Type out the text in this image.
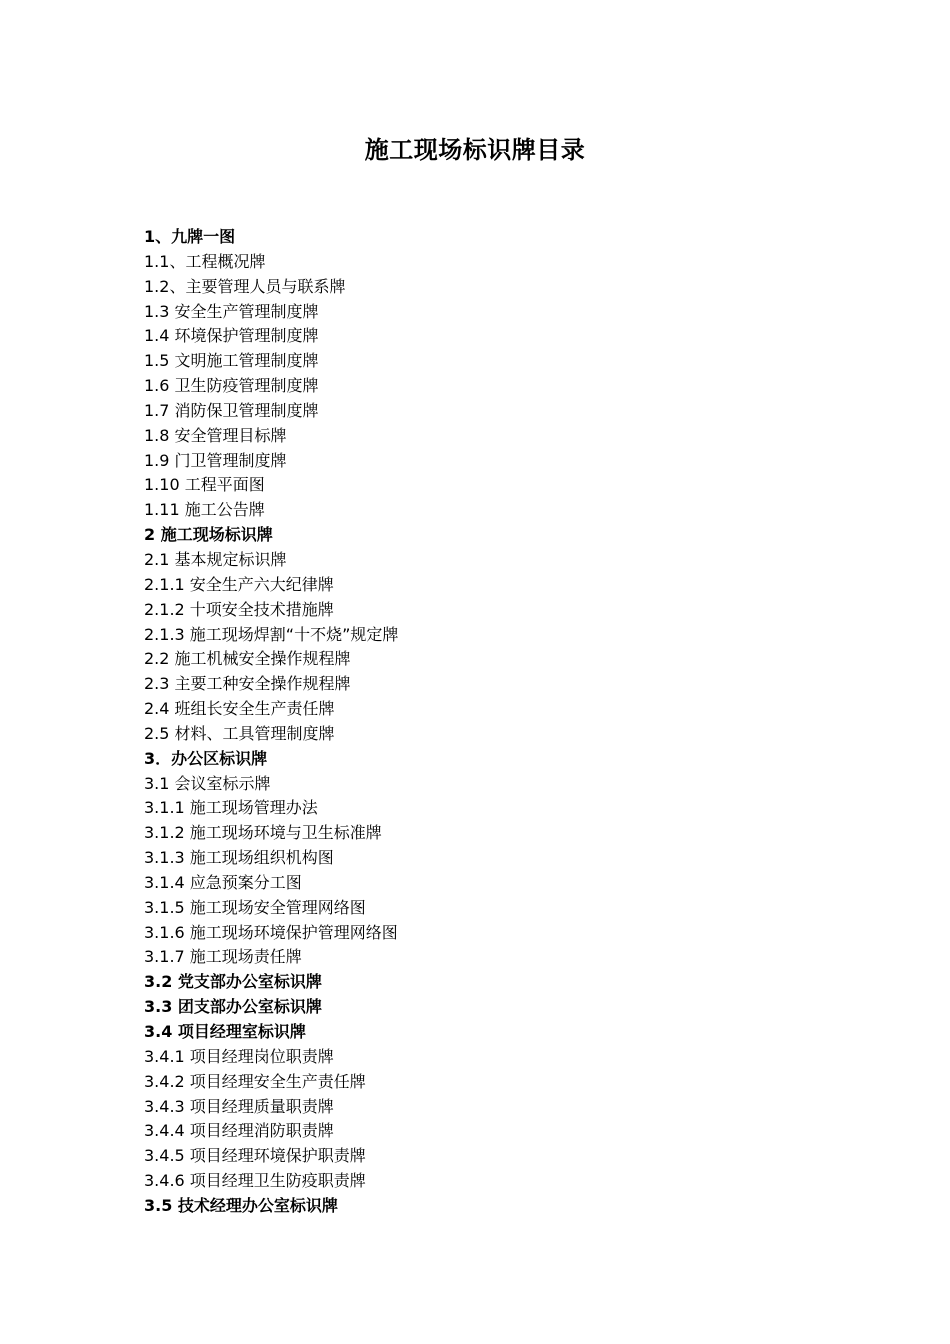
施工现场标识牌目录
1、九牌一图
1.1、工程概况牌
1.2、主要管理人员与联系牌
1.3 安全生产管理制度牌
1.4 环境保护管理制度牌
1.5 文明施工管理制度牌
1.6 卫生防疫管理制度牌
1.7 消防保卫管理制度牌
1.8 安全管理目标牌
1.9 门卫管理制度牌
1.10 工程平面图
1.11 施工公告牌
2 施工现场标识牌
2.1 基本规定标识牌
2.1.1 安全生产六大纪律牌
2.1.2 十项安全技术措施牌
2.1.3 施工现场焊割“十不烧”规定牌
2.2 施工机械安全操作规程牌
2.3 主要工种安全操作规程牌
2.4 班组长安全生产责任牌
2.5 材料、工具管理制度牌
3．办公区标识牌
3.1 会议室标示牌
3.1.1 施工现场管理办法
3.1.2 施工现场环境与卫生标准牌
3.1.3 施工现场组织机构图
3.1.4 应急预案分工图
3.1.5 施工现场安全管理网络图
3.1.6 施工现场环境保护管理网络图
3.1.7 施工现场责任牌
3.2 党支部办公室标识牌
3.3 团支部办公室标识牌
3.4 项目经理室标识牌
3.4.1 项目经理岗位职责牌
3.4.2 项目经理安全生产责任牌
3.4.3 项目经理质量职责牌
3.4.4 项目经理消防职责牌
3.4.5 项目经理环境保护职责牌
3.4.6 项目经理卫生防疫职责牌
3.5 技术经理办公室标识牌
